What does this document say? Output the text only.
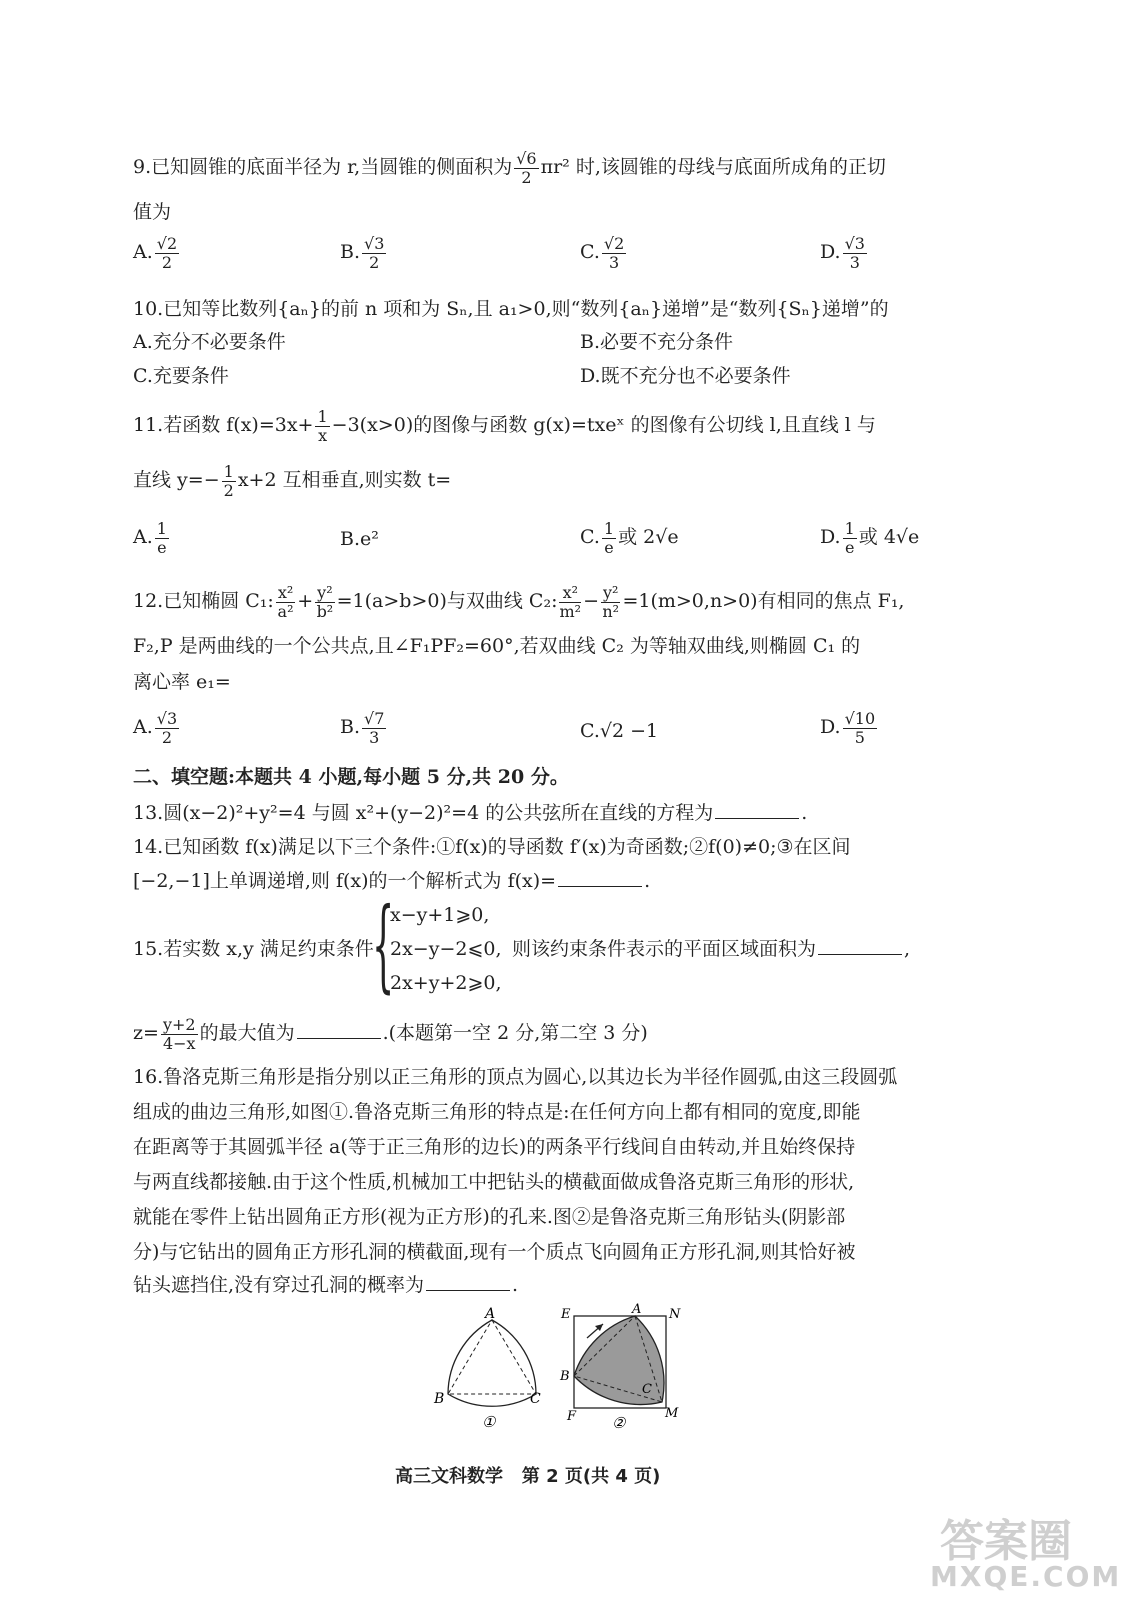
9.已知圆锥的底面半径为 r,当圆锥的侧面积为 $\frac{√6}{2} \pi r^2$ 时,该圆锥的母线与底面所成角的正切
值为
A. $\frac{√2}{2}$	B. $\frac{√3}{2}$	C. $\frac{√2}{3}$	D. $\frac{√3}{3}$
10.已知等比数列{aₙ}的前 n 项和为 Sₙ,且 a₁>0,则“数列{aₙ}递增”是“数列{Sₙ}递增”的
A.充分不必要条件	B.必要不充分条件
C.充要条件	D.既不充分也不必要条件
11.若函数 $f(x)=3x+ \frac{1}{x} -3(x>0)$的图像与函数 g(x)=txeˣ 的图像有公切线 l,且直线 l 与
直线 $y=- \frac{1}{2} x+2$ 互相垂直,则实数 t=
A. $\frac{1}{e}$	B.e²	C. $\frac{1}{e}$ 或 2√e	D. $\frac{1}{e}$ 或 4√e
12.已知椭圆 C₁: $\frac{\text{x²}}{\text{a²}} + \frac{\text{y²}}{\text{b²}} =1(a>b>0)$与双曲线 C₂: $\frac{\text{x²}}{\text{m²}} - \frac{\text{y²}}{\text{n²}} =1(m>0,n>0)$有相同的焦点 F₁,
F₂,P 是两曲线的一个公共点,且∠F₁PF₂=60°,若双曲线 C₂ 为等轴双曲线,则椭圆 C₁ 的
离心率 e₁=
A. $\frac{√3}{2}$	B. $\frac{√7}{3}$	C.√2 −1	D. $\frac{√10}{5}$
二、填空题:本题共 4 小题,每小题 5 分,共 20 分。
13.圆(x−2)²+y²=4 与圆 x²+(y−2)²=4 的公共弦所在直线的方程为	.
14.已知函数 f(x)满足以下三个条件:①f(x)的导函数 f′(x)为奇函数;②f(0)≠0;③在区间
[−2,−1]上单调递增,则 f(x)的一个解析式为 f(x)=	.
15.若实数 x,y 满足约束条件
{
x−y+1⩾0,
2x−y−2⩽0,
2x+y+2⩾0,
则该约束条件表示的平面区域面积为	,
$z= \frac{y+2}{4-x}$ 的最大值为	.(本题第一空 2 分,第二空 3 分)
16.鲁洛克斯三角形是指分别以正三角形的顶点为圆心,以其边长为半径作圆弧,由这三段圆弧
组成的曲边三角形,如图①.鲁洛克斯三角形的特点是:在任何方向上都有相同的宽度,即能
在距离等于其圆弧半径 a(等于正三角形的边长)的两条平行线间自由转动,并且始终保持
与两直线都接触.由于这个性质,机械加工中把钻头的横截面做成鲁洛克斯三角形的形状,
就能在零件上钻出圆角正方形(视为正方形)的孔来.图②是鲁洛克斯三角形钻头(阴影部
分)与它钻出的圆角正方形孔洞的横截面,现有一个质点飞向圆角正方形孔洞,则其恰好被
钻头遮挡住,没有穿过孔洞的概率为	.
A
B	C
①
E	A N
B
C
F	M
②
高三文科数学   第 2 页(共 4 页)
答案圈
MXQE.COM
